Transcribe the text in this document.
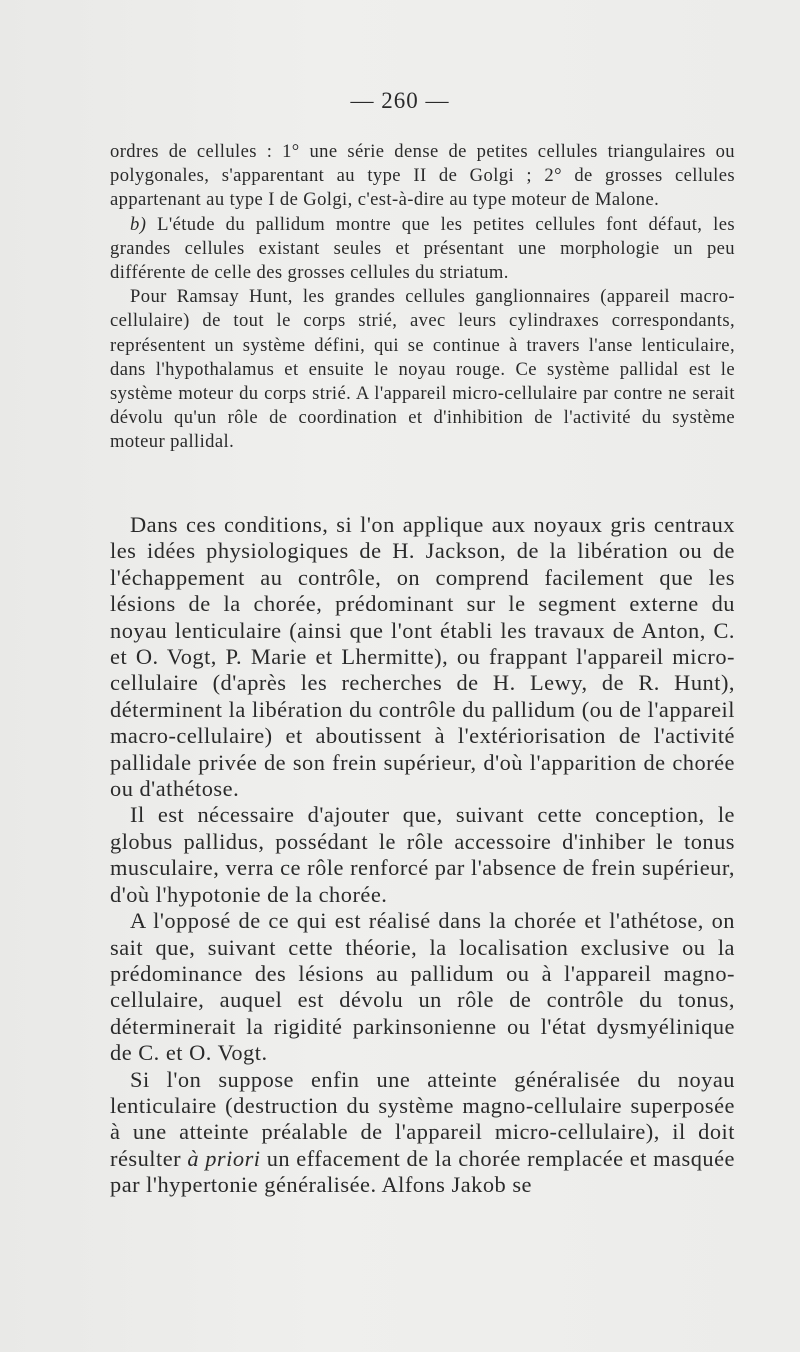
— 260 —

ordres de cellules : 1° une série dense de petites cellules triangulaires ou polygonales, s'apparentant au type II de Golgi ; 2° de grosses cellules appartenant au type I de Golgi, c'est-à-dire au type moteur de Malone.

b) L'étude du pallidum montre que les petites cellules font défaut, les grandes cellules existant seules et présentant une morphologie un peu différente de celle des grosses cellules du striatum.

Pour Ramsay Hunt, les grandes cellules ganglionnaires (appareil macro-cellulaire) de tout le corps strié, avec leurs cylindraxes correspondants, représentent un système défini, qui se continue à travers l'anse lenticulaire, dans l'hypothalamus et ensuite le noyau rouge. Ce système pallidal est le système moteur du corps strié. A l'appareil micro-cellulaire par contre ne serait dévolu qu'un rôle de coordination et d'inhibition de l'activité du système moteur pallidal.

Dans ces conditions, si l'on applique aux noyaux gris centraux les idées physiologiques de H. Jackson, de la libération ou de l'échappement au contrôle, on comprend facilement que les lésions de la chorée, prédominant sur le segment externe du noyau lenticulaire (ainsi que l'ont établi les travaux de Anton, C. et O. Vogt, P. Marie et Lhermitte), ou frappant l'appareil micro-cellulaire (d'après les recherches de H. Lewy, de R. Hunt), déterminent la libération du contrôle du pallidum (ou de l'appareil macro-cellulaire) et aboutissent à l'extériorisation de l'activité pallidale privée de son frein supérieur, d'où l'apparition de chorée ou d'athétose.

Il est nécessaire d'ajouter que, suivant cette conception, le globus pallidus, possédant le rôle accessoire d'inhiber le tonus musculaire, verra ce rôle renforcé par l'absence de frein supérieur, d'où l'hypotonie de la chorée.

A l'opposé de ce qui est réalisé dans la chorée et l'athétose, on sait que, suivant cette théorie, la localisation exclusive ou la prédominance des lésions au pallidum ou à l'appareil magno-cellulaire, auquel est dévolu un rôle de contrôle du tonus, déterminerait la rigidité parkinsonienne ou l'état dysmyélinique de C. et O. Vogt.

Si l'on suppose enfin une atteinte généralisée du noyau lenticulaire (destruction du système magno-cellulaire superposée à une atteinte préalable de l'appareil micro-cellulaire), il doit résulter à priori un effacement de la chorée remplacée et masquée par l'hypertonie généralisée. Alfons Jakob se
